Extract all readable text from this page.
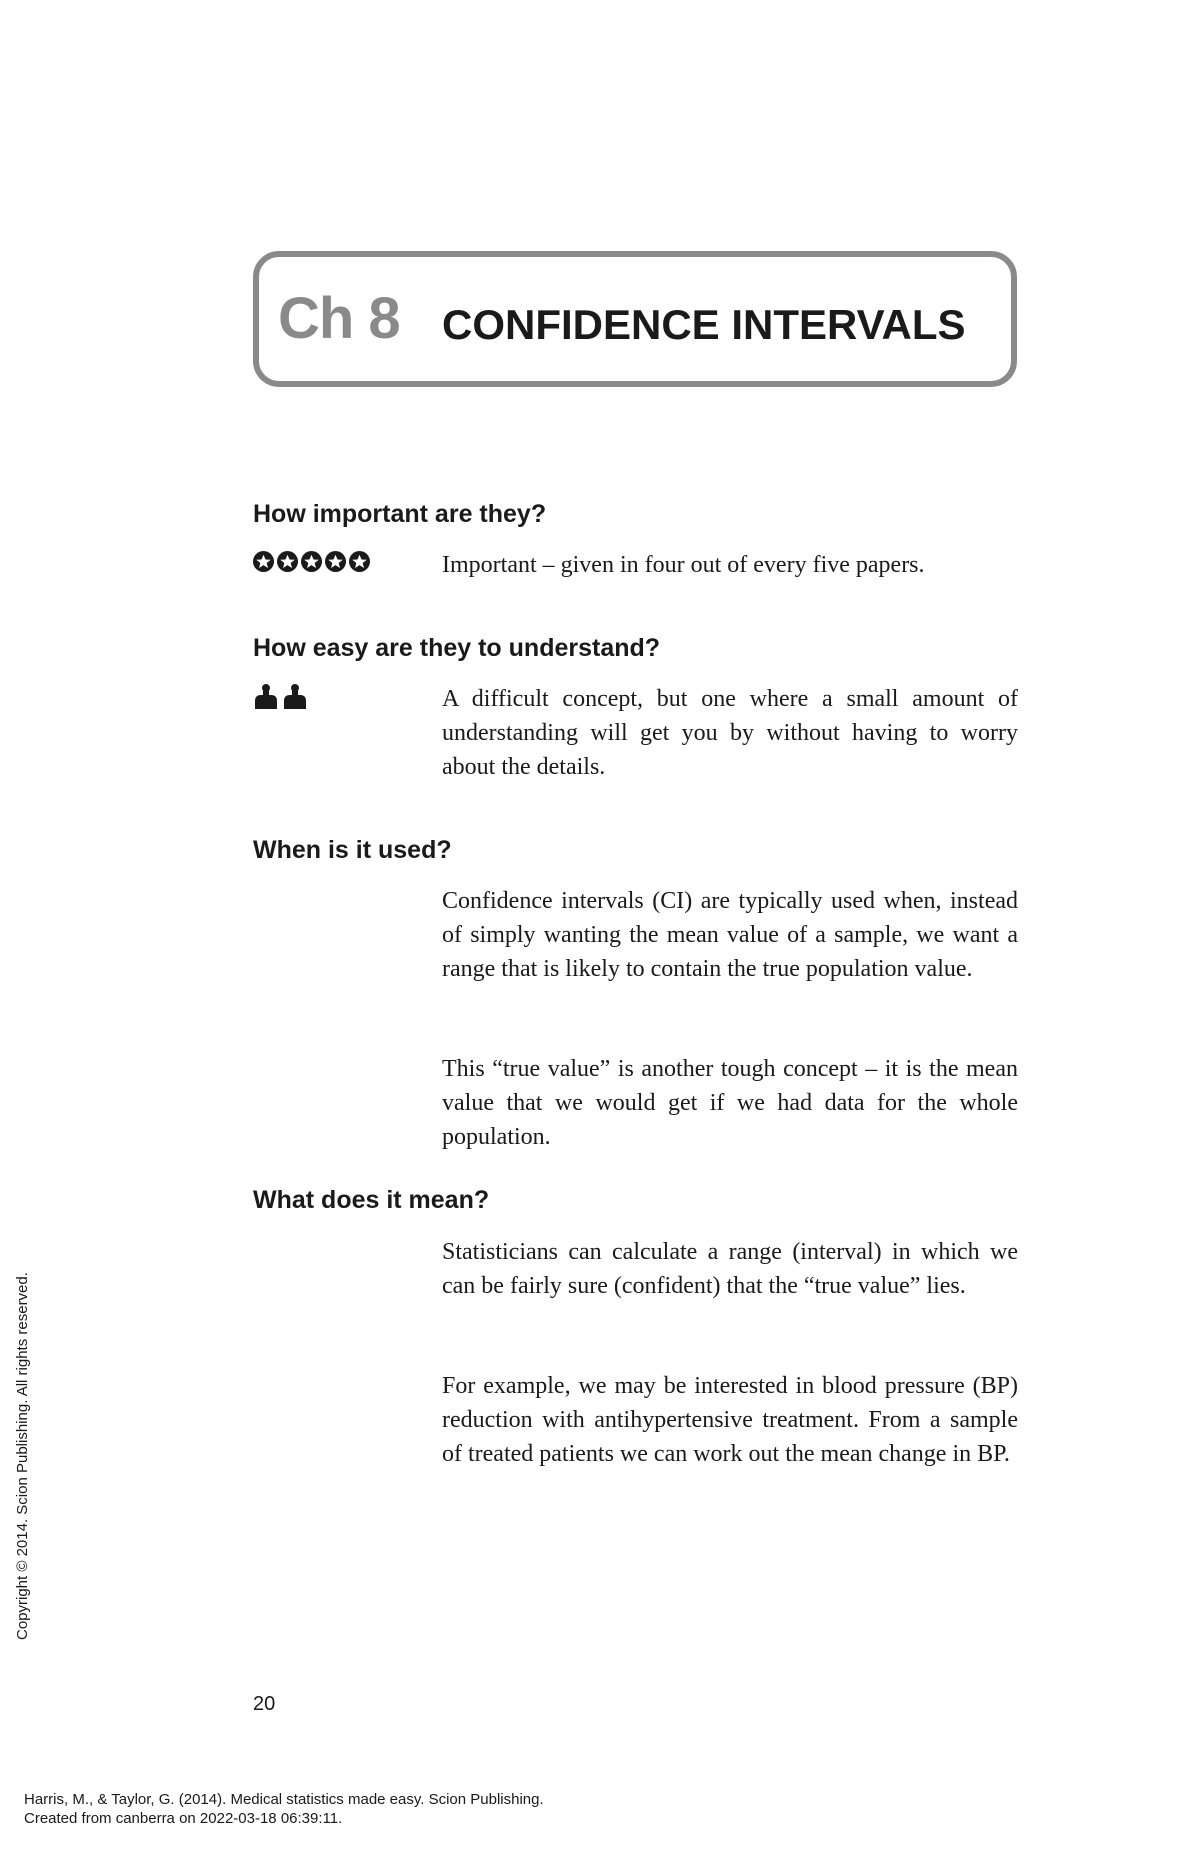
Ch 8 CONFIDENCE INTERVALS
How important are they?

Important – given in four out of every five papers.

How easy are they to understand?

A difficult concept, but one where a small amount of understanding will get you by without having to worry about the details.

When is it used?

Confidence intervals (CI) are typically used when, instead of simply wanting the mean value of a sample, we want a range that is likely to contain the true population value.

This “true value” is another tough concept – it is the mean value that we would get if we had data for the whole population.

What does it mean?

Statisticians can calculate a range (interval) in which we can be fairly sure (confident) that the “true value” lies.

For example, we may be interested in blood pressure (BP) reduction with antihypertensive treatment. From a sample of treated patients we can work out the mean change in BP.

20
Copyright © 2014. Scion Publishing. All rights reserved.
Harris, M., & Taylor, G. (2014). Medical statistics made easy. Scion Publishing.
Created from canberra on 2022-03-18 06:39:11.
